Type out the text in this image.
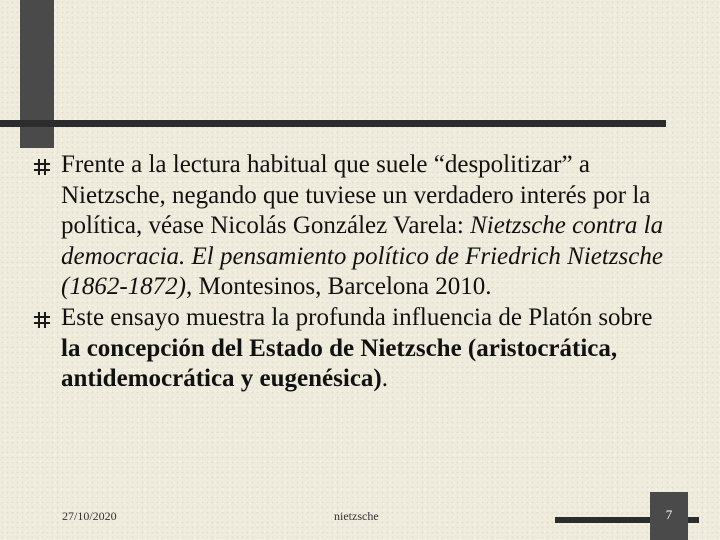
Frente a la lectura habitual que suele “despolitizar” a Nietzsche, negando que tuviese un verdadero interés por la política, véase Nicolás González Varela: Nietzsche contra la democracia. El pensamiento político de Friedrich Nietzsche (1862-1872), Montesinos, Barcelona 2010.
Este ensayo muestra la profunda influencia de Platón sobre la concepción del Estado de Nietzsche (aristocrática, antidemocrática y eugenésica).
27/10/2020	nietzsche	7
